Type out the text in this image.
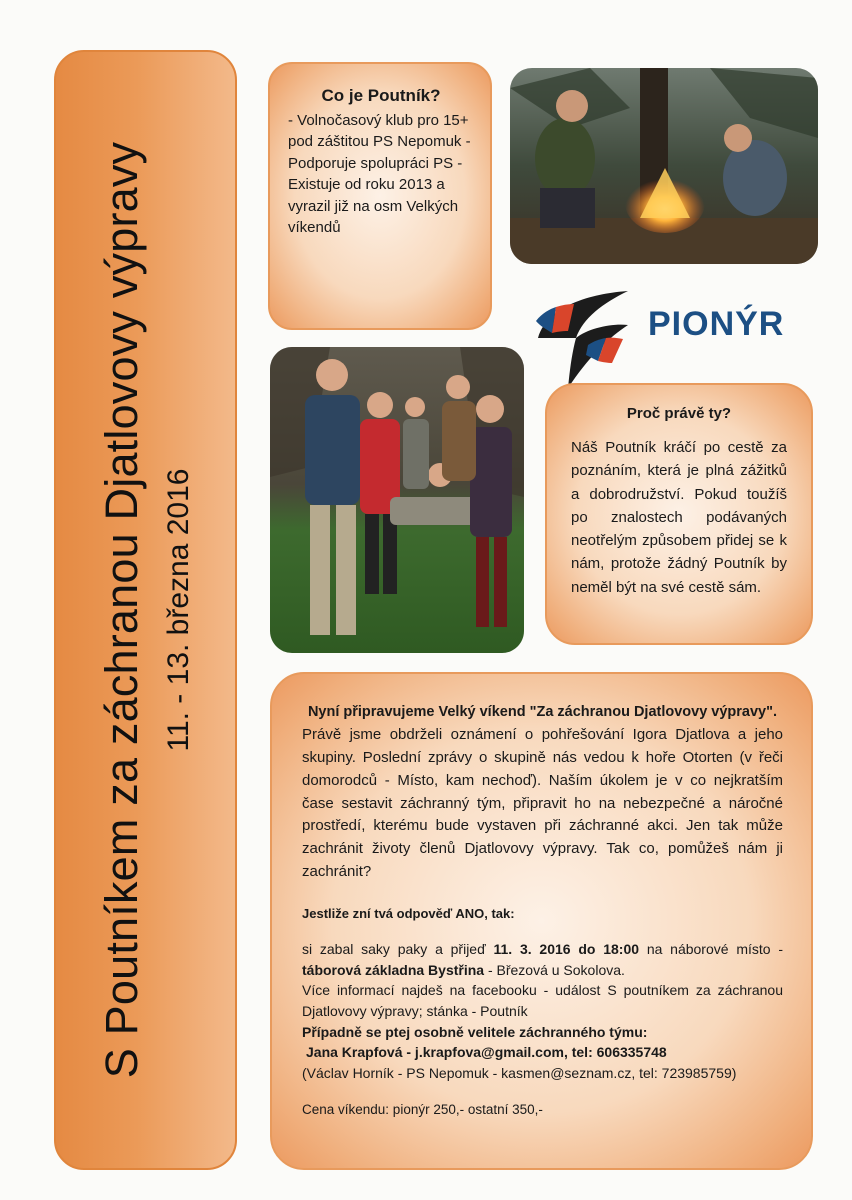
S Poutníkem za záchranou Djatlovovy výpravy 11. - 13. března 2016
Co je Poutník?

- Volnočasový klub pro 15+ pod záštitou PS Nepomuk - Podporuje spolupráci PS - Existuje od roku 2013 a vyrazil již na osm Velkých víkendů

PIONÝR
Proč právě ty?

Náš Poutník kráčí po cestě za poznáním, která je plná zážitků a dobrodružství. Pokud toužíš po znalostech podávaných neotřelým způsobem přidej se k nám, protože žádný Poutník by neměl být na své cestě sám.

Nyní připravujeme Velký víkend "Za záchranou Djatlovovy výpravy".

Právě jsme obdrželi oznámení o pohřešování Igora Djatlova a jeho skupiny. Poslední zprávy o skupině nás vedou k hoře Otorten (v řeči domorodců - Místo, kam nechoď). Naším úkolem je v co nejkratším čase sestavit záchranný tým, připravit ho na nebezpečné a náročné prostředí, kterému bude vystaven při záchranné akci. Jen tak může zachránit životy členů Djatlovovy výpravy. Tak co, pomůžeš nám ji zachránit?

Jestliže zní tvá odpověď ANO, tak:

si zabal saky paky a přijeď 11. 3. 2016 do 18:00 na náborové místo - táborová základna Bystřina - Březová u Sokolova.
Více informací najdeš na facebooku - událost S poutníkem za záchranou Djatlovovy výpravy; stánka - Poutník
Případně se ptej osobně velitele záchranného týmu:
Jana Krapfová - j.krapfova@gmail.com, tel: 606335748
(Václav Horník - PS Nepomuk - kasmen@seznam.cz, tel: 723985759)

Cena víkendu: pionýr 250,- ostatní 350,-
